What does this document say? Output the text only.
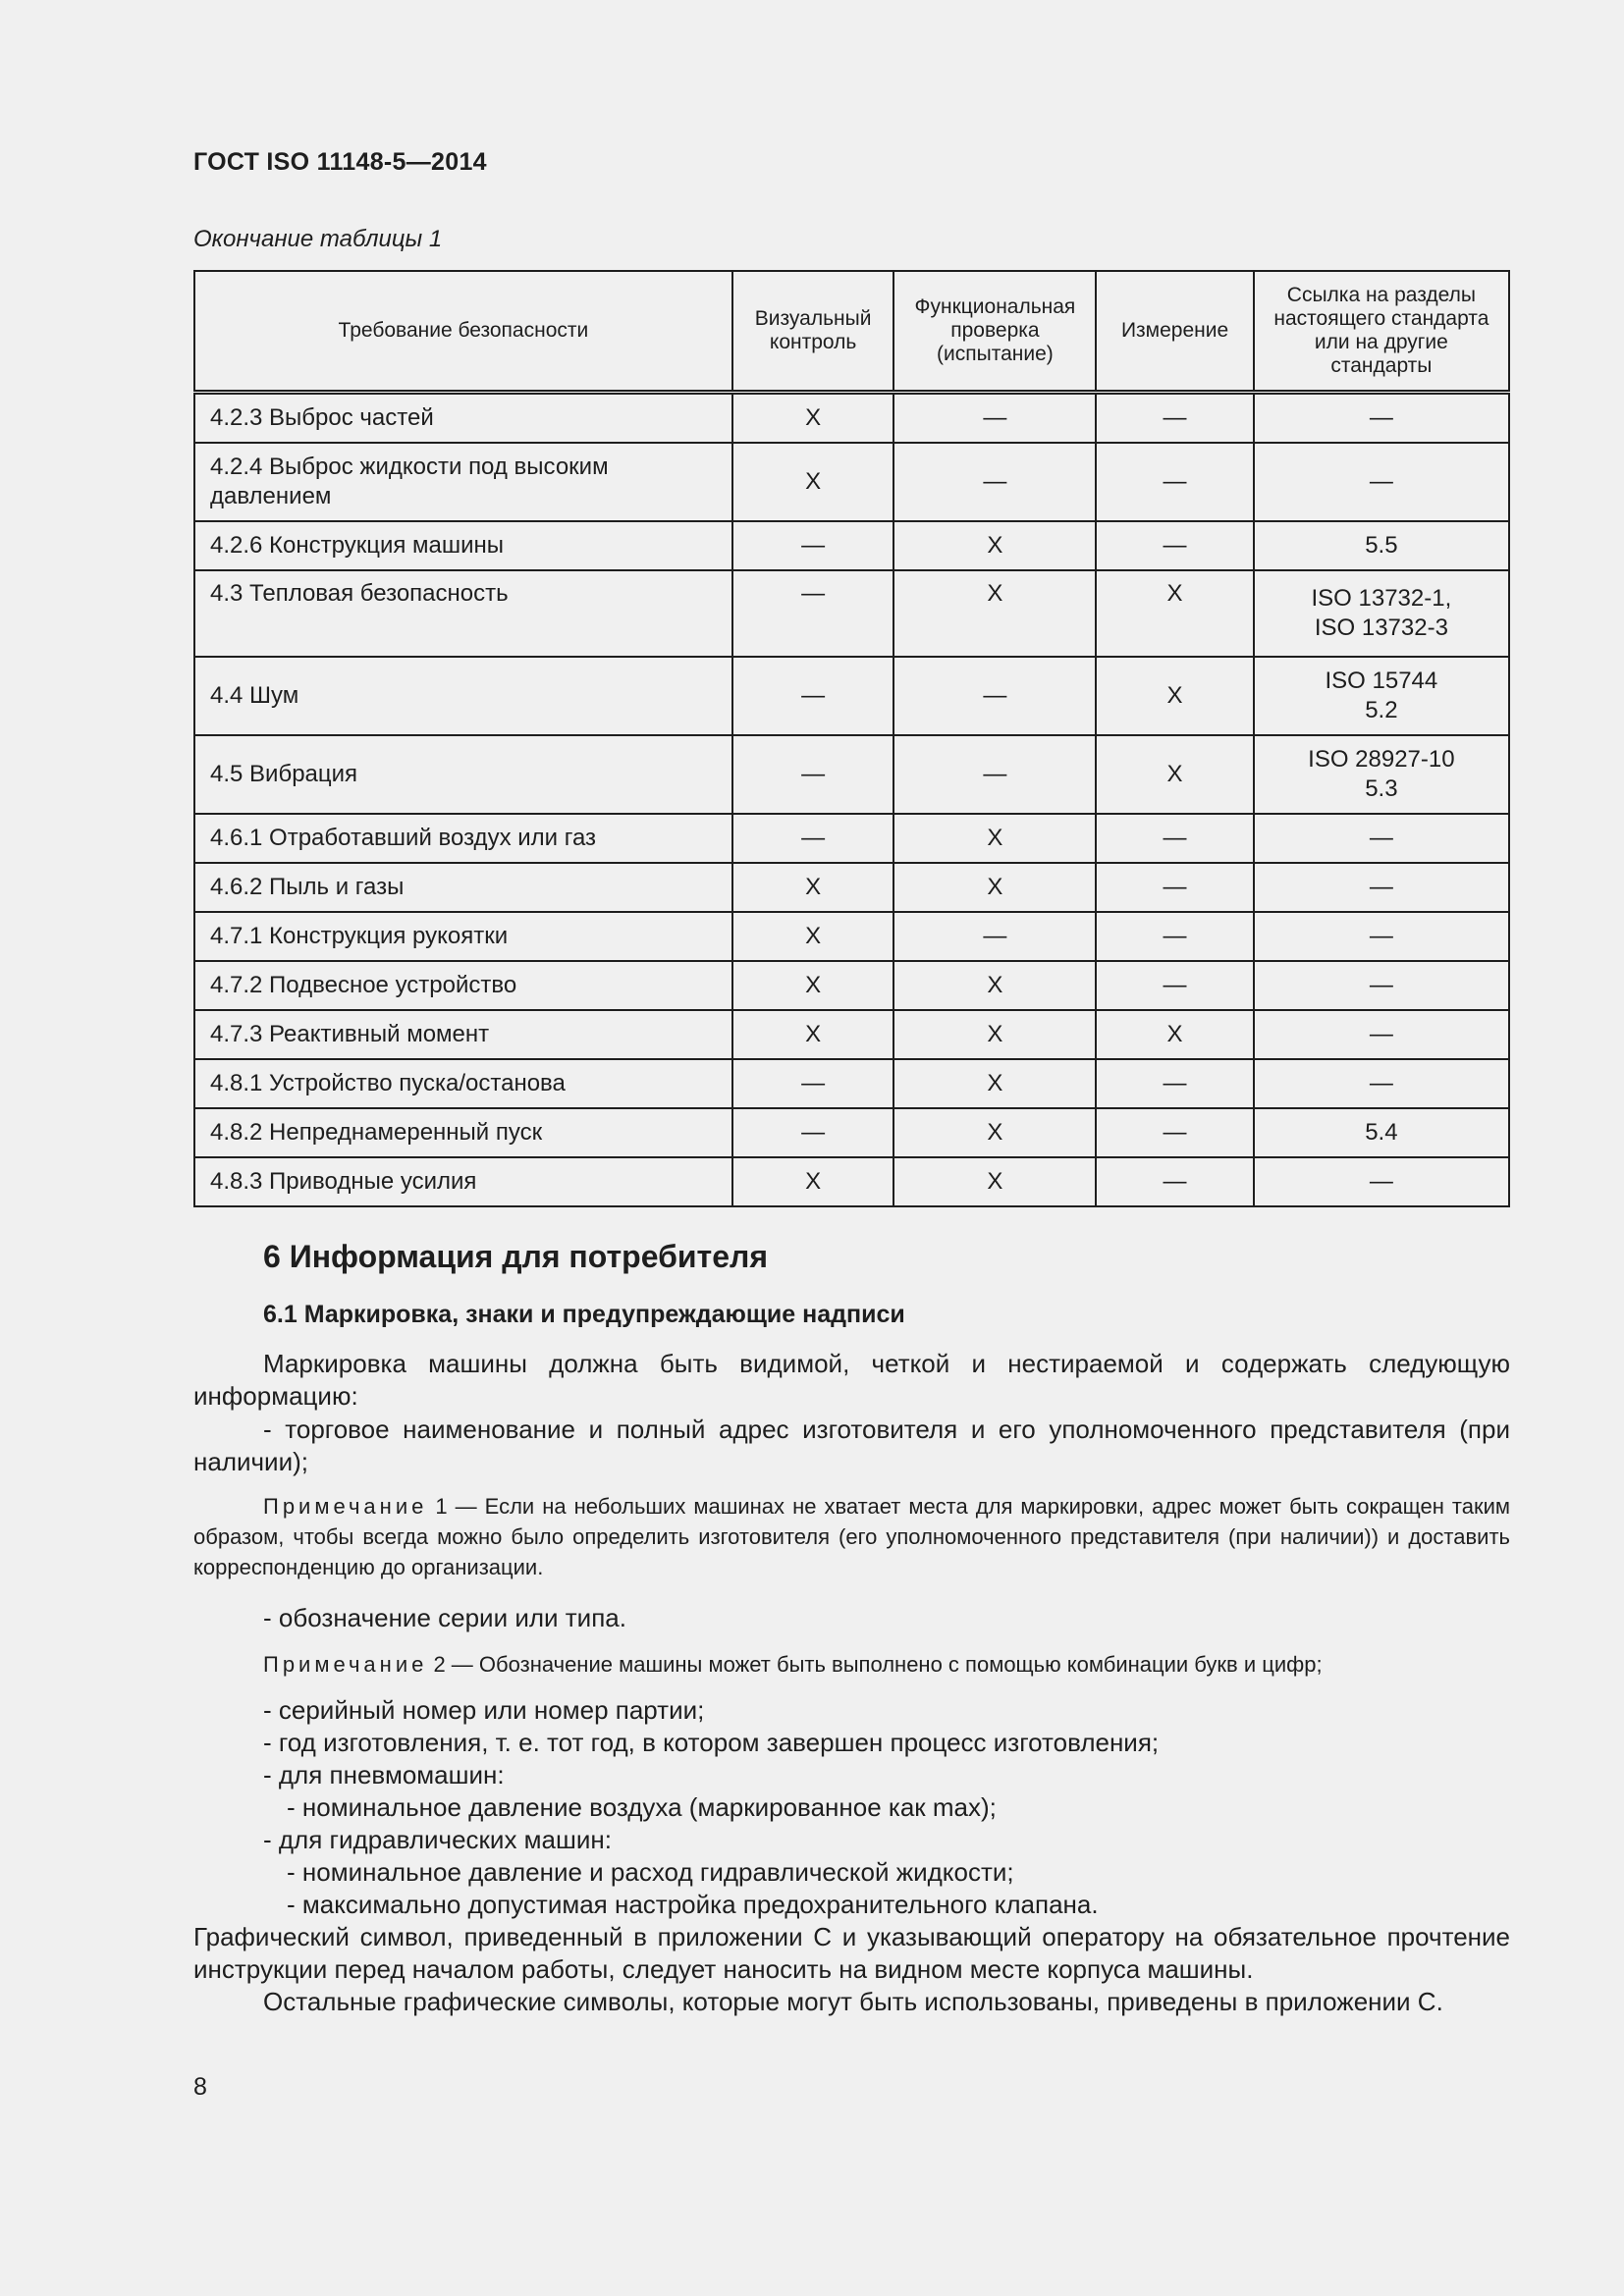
ГОСТ ISO 11148-5—2014
Окончание таблицы 1
Требование безопасности	Визуальный контроль	Функциональная проверка (испытание)	Измерение	Ссылка на разделы настоящего стандарта или на другие стандарты
4.2.3 Выброс частей	X	—	—	—
4.2.4 Выброс жидкости под высоким давлением	X	—	—	—
4.2.6 Конструкция машины	—	X	—	5.5
4.3 Тепловая безопасность	—	X	X	ISO 13732-1,
ISO 13732-3

4.4 Шум	—	—	X	ISO 15744
5.2

4.5 Вибрация	—	—	X	ISO 28927-10
5.3

4.6.1 Отработавший воздух или газ	—	X	—	—
4.6.2 Пыль и газы	X	X	—	—
4.7.1 Конструкция рукоятки	X	—	—	—
4.7.2 Подвесное устройство	X	X	—	—
4.7.3 Реактивный момент	X	X	X	—
4.8.1 Устройство пуска/останова	—	X	—	—
4.8.2 Непреднамеренный пуск	—	X	—	5.4
4.8.3 Приводные усилия	X	X	—	—
6 Информация для потребителя
6.1 Маркировка, знаки и предупреждающие надписи
Маркировка машины должна быть видимой, четкой и нестираемой и содержать следующую информацию:
- торговое наименование и полный адрес изготовителя и его уполномоченного представителя (при наличии);
Примечание 1 — Если на небольших машинах не хватает места для маркировки, адрес может быть сокращен таким образом, чтобы всегда можно было определить изготовителя (его уполномоченного представителя (при наличии)) и доставить корреспонденцию до организации.
- обозначение серии или типа.
Примечание 2 — Обозначение машины может быть выполнено с помощью комбинации букв и цифр;
- серийный номер или номер партии;
- год изготовления, т. е. тот год, в котором завершен процесс изготовления;
- для пневмомашин:
- номинальное давление воздуха (маркированное как max);
- для гидравлических машин:
- номинальное давление и расход гидравлической жидкости;
- максимально допустимая настройка предохранительного клапана.
Графический символ, приведенный в приложении С и указывающий оператору на обязательное прочтение инструкции перед началом работы, следует наносить на видном месте корпуса машины.
Остальные графические символы, которые могут быть использованы, приведены в приложении С.
8
